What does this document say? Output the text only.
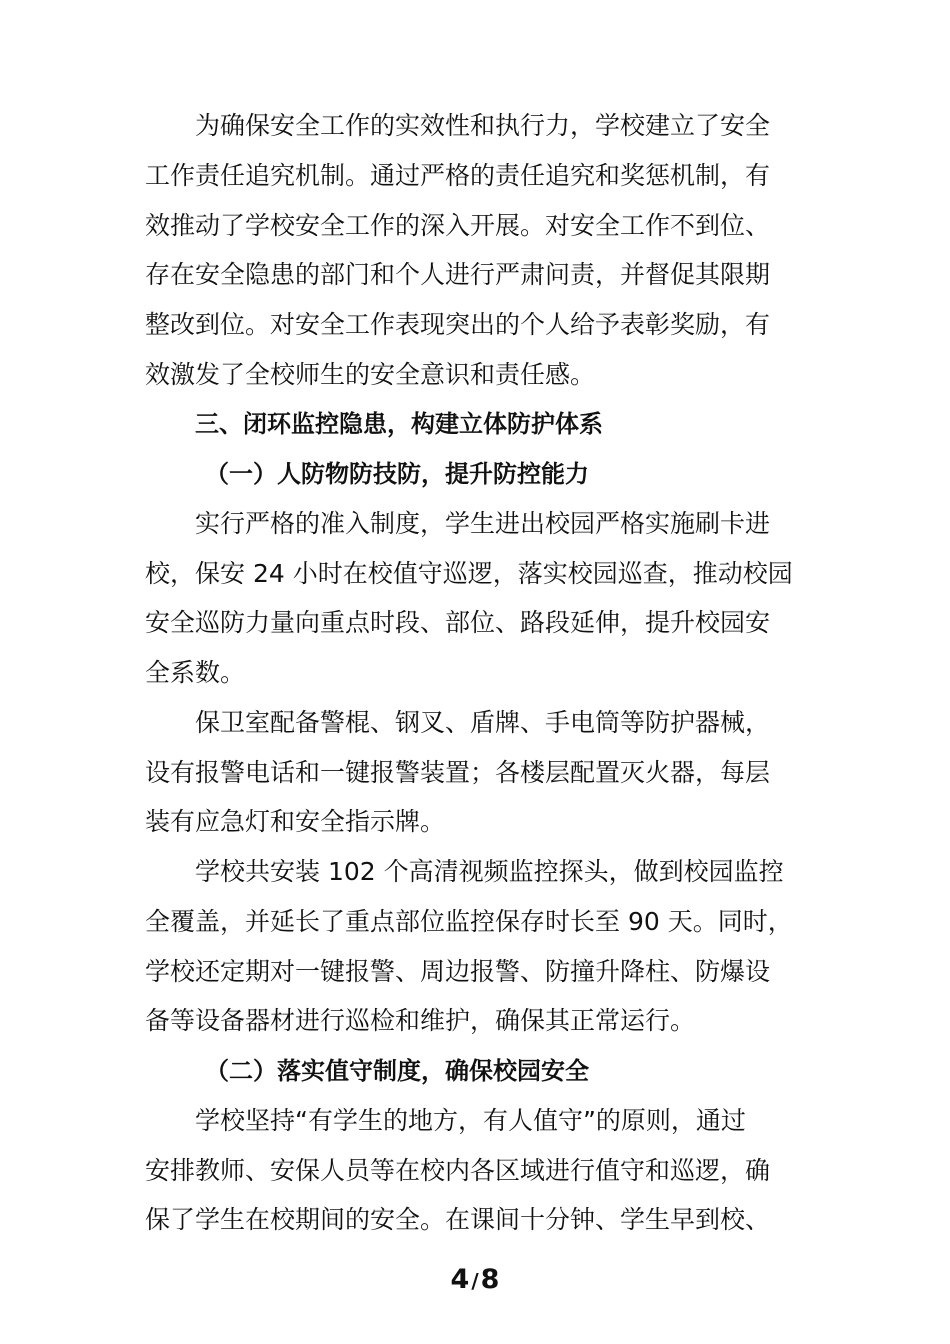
为确保安全工作的实效性和执行力，学校建立了安全
工作责任追究机制。通过严格的责任追究和奖惩机制，有
效推动了学校安全工作的深入开展。对安全工作不到位、
存在安全隐患的部门和个人进行严肃问责，并督促其限期
整改到位。对安全工作表现突出的个人给予表彰奖励，有
效激发了全校师生的安全意识和责任感。
三、闭环监控隐患，构建立体防护体系
（一）人防物防技防，提升防控能力
实行严格的准入制度，学生进出校园严格实施刷卡进
校，保安 24 小时在校值守巡逻，落实校园巡查，推动校园
安全巡防力量向重点时段、部位、路段延伸，提升校园安
全系数。
保卫室配备警棍、钢叉、盾牌、手电筒等防护器械，
设有报警电话和一键报警装置；各楼层配置灭火器，每层
装有应急灯和安全指示牌。
学校共安装 102 个高清视频监控探头，做到校园监控
全覆盖，并延长了重点部位监控保存时长至 90 天。同时，
学校还定期对一键报警、周边报警、防撞升降柱、防爆设
备等设备器材进行巡检和维护，确保其正常运行。
（二）落实值守制度，确保校园安全
学校坚持“有学生的地方，有人值守”的原则，通过
安排教师、安保人员等在校内各区域进行值守和巡逻，确
保了学生在校期间的安全。在课间十分钟、学生早到校、
4 /8
